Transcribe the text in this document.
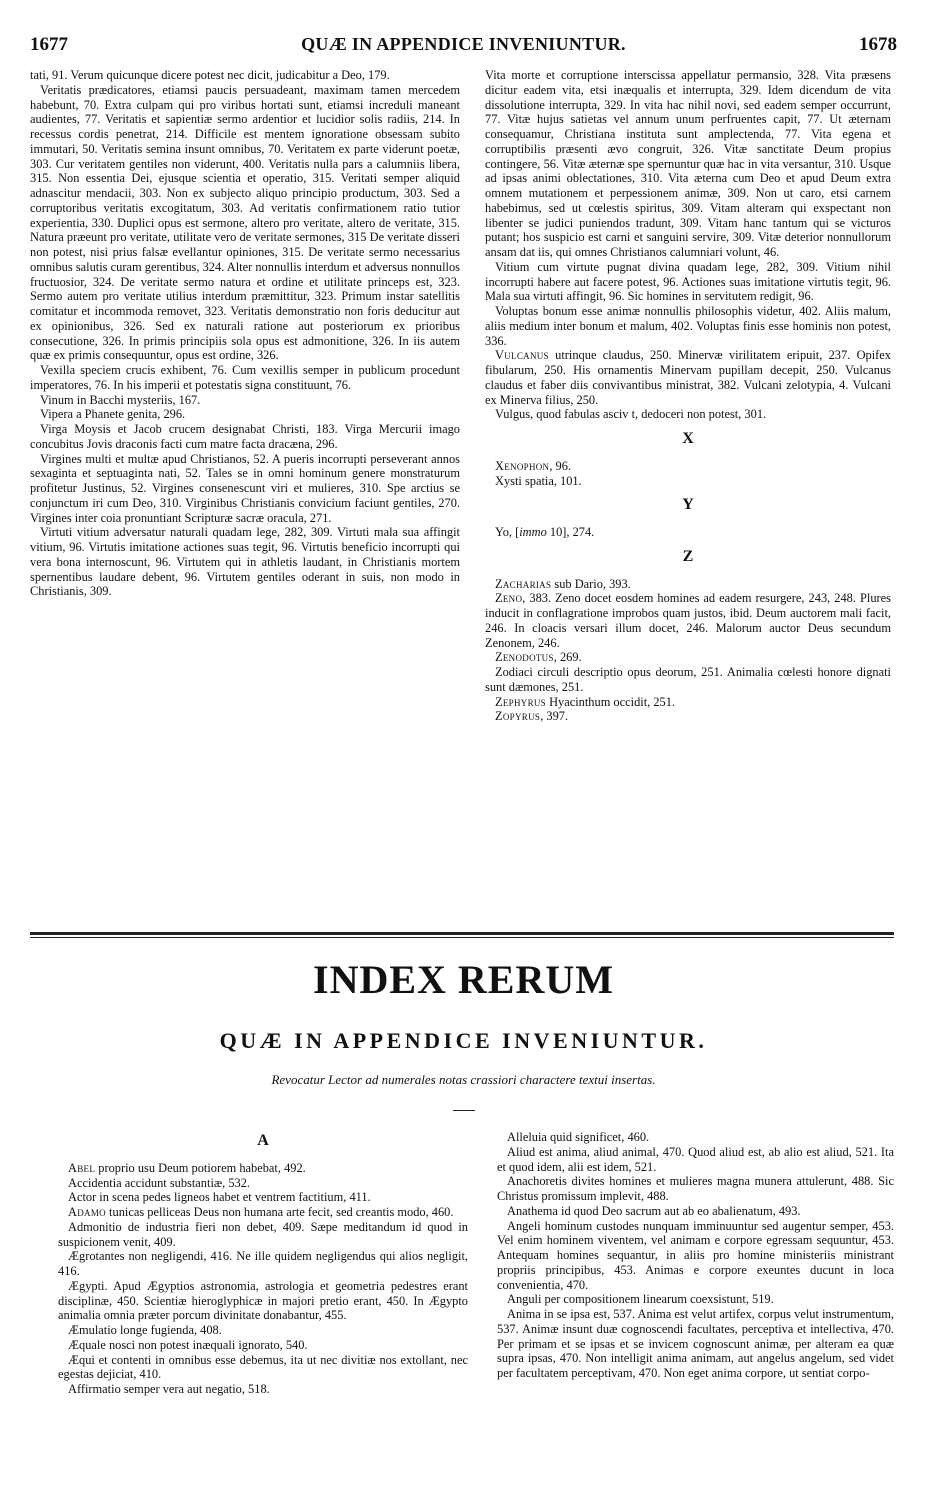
1677	QUÆ IN APPENDICE INVENIUNTUR.	1678

tati, 91. Verum quicunque dicere potest nec dicit, judicabitur a Deo, 179.

Veritatis prædicatores, etiamsi paucis persuadeant, maximam tamen mercedem habebunt, 70. Extra culpam qui pro viribus hortati sunt, etiamsi increduli maneant audientes, 77. Veritatis et sapientiæ sermo ardentior et lucidior solis radiis, 214. In recessus cordis penetrat, 214. Difficile est mentem ignoratione obsessam subito immutari, 50. Veritatis semina insunt omnibus, 70. Veritatem ex parte viderunt poetæ, 303. Cur veritatem gentiles non viderunt, 400. Veritatis nulla pars a calumniis libera, 315. Non essentia Dei, ejusque scientia et operatio, 315. Veritati semper aliquid adnascitur mendacii, 303. Non ex subjecto aliquo principio productum, 303. Sed a corruptoribus veritatis excogitatum, 303. Ad veritatis confirmationem ratio tutior experientia, 330. Duplici opus est sermone, altero pro veritate, altero de veritate, 315. Natura præeunt pro veritate, utilitate vero de veritate sermones, 315 De veritate disseri non potest, nisi prius falsæ evellantur opiniones, 315. De veritate sermo necessarius omnibus salutis curam gerentibus, 324. Alter nonnullis interdum et adversus nonnullos fructuosior, 324. De veritate sermo natura et ordine et utilitate princeps est, 323. Sermo autem pro veritate utilius interdum præmittitur, 323. Primum instar satellitis comitatur et incommoda removet, 323. Veritatis demonstratio non foris deducitur aut ex opinionibus, 326. Sed ex naturali ratione aut posteriorum ex prioribus consecutione, 326. In primis principiis sola opus est admonitione, 326. In iis autem quæ ex primis consequuntur, opus est ordine, 326.

Vexilla speciem crucis exhibent, 76. Cum vexillis semper in publicum procedunt imperatores, 76. In his imperii et potestatis signa constituunt, 76.

Vinum in Bacchi mysteriis, 167.

Vipera a Phanete genita, 296.

Virga Moysis et Jacob crucem designabat Christi, 183. Virga Mercurii imago concubitus Jovis draconis facti cum matre facta dracæna, 296.

Virgines multi et multæ apud Christianos, 52. A pueris incorrupti perseverant annos sexaginta et septuaginta nati, 52. Tales se in omni hominum genere monstraturum profitetur Justinus, 52. Virgines consenescunt viri et mulieres, 310. Spe arctius se conjunctum iri cum Deo, 310. Virginibus Christianis convicium faciunt gentiles, 270. Virgines inter coia pronuntiant Scripturæ sacræ oracula, 271.

Virtuti vitium adversatur naturali quadam lege, 282, 309. Virtuti mala sua affingit vitium, 96. Virtutis imitatione actiones suas tegit, 96. Virtutis beneficio incorrupti qui vera bona internoscunt, 96. Virtutem qui in athletis laudant, in Christianis mortem spernentibus laudare debent, 96. Virtutem gentiles oderant in suis, non modo in Christianis, 309.

Vita morte et corruptione interscissa appellatur permansio, 328. Vita præsens dicitur eadem vita, etsi inæqualis et interrupta, 329. Idem dicendum de vita dissolutione interrupta, 329. In vita hac nihil novi, sed eadem semper occurrunt, 77. Vitæ hujus satietas vel annum unum perfruentes capit, 77. Ut æternam consequamur, Christiana instituta sunt amplectenda, 77. Vita egena et corruptibilis præsenti ævo congruit, 326. Vitæ sanctitate Deum propius contingere, 56. Vitæ æternæ spe spernuntur quæ hac in vita versantur, 310. Usque ad ipsas animi oblectationes, 310. Vita æterna cum Deo et apud Deum extra omnem mutationem et perpessionem animæ, 309. Non ut caro, etsi carnem habebimus, sed ut cœlestis spiritus, 309. Vitam alteram qui exspectant non libenter se judici puniendos tradunt, 309. Vitam hanc tantum qui se victuros putant; hos suspicio est carni et sanguini servire, 309. Vitæ deterior nonnullorum ansam dat iis, qui omnes Christianos calumniari volunt, 46.

Vitium cum virtute pugnat divina quadam lege, 282, 309. Vitium nihil incorrupti habere aut facere potest, 96. Actiones suas imitatione virtutis tegit, 96. Mala sua virtuti affingit, 96. Sic homines in servitutem redigit, 96.

Voluptas bonum esse animæ nonnullis philosophis videtur, 402. Aliis malum, aliis medium inter bonum et malum, 402. Voluptas finis esse hominis non potest, 336.

Vulcanus utrinque claudus, 250. Minervæ virilitatem eripuit, 237. Opifex fibularum, 250. His ornamentis Minervam pupillam decepit, 250. Vulcanus claudus et faber diis convivantibus ministrat, 382. Vulcani zelotypia, 4. Vulcani ex Minerva filius, 250.

Vulgus, quod fabulas asciv t, dedoceri non potest, 301.

X

Xenophon, 96.

Xysti spatia, 101.

Y

Yo, [immo 10], 274.

Z

Zacharias sub Dario, 393.

Zeno, 383. Zeno docet eosdem homines ad eadem resurgere, 243, 248. Plures inducit in conflagratione improbos quam justos, ibid. Deum auctorem mali facit, 246. In cloacis versari illum docet, 246. Malorum auctor Deus secundum Zenonem, 246.

Zenodotus, 269.

Zodiaci circuli descriptio opus deorum, 251. Animalia cœlesti honore dignati sunt dæmones, 251.

Zephyrus Hyacinthum occidit, 251.

Zopyrus, 397.

INDEX RERUM
QUÆ IN APPENDICE INVENIUNTUR.
Revocatur Lector ad numerales notas crassiori charactere textui insertas.
A

Abel proprio usu Deum potiorem habebat, 492.

Accidentia accidunt substantiæ, 532.

Actor in scena pedes ligneos habet et ventrem factitium, 411.

Adamo tunicas pelliceas Deus non humana arte fecit, sed creantis modo, 460.

Admonitio de industria fieri non debet, 409. Sæpe meditandum id quod in suspicionem venit, 409.

Ægrotantes non negligendi, 416. Ne ille quidem negligendus qui alios negligit, 416.

Ægypti. Apud Ægyptios astronomia, astrologia et geometria pedestres erant disciplinæ, 450. Scientiæ hieroglyphicæ in majori pretio erant, 450. In Ægypto animalia omnia præter porcum divinitate donabantur, 455.

Æmulatio longe fugienda, 408.

Æquale nosci non potest inæquali ignorato, 540.

Æqui et contenti in omnibus esse debemus, ita ut nec divitiæ nos extollant, nec egestas dejiciat, 410.

Affirmatio semper vera aut negatio, 518.

Alleluia quid significet, 460.

Aliud est anima, aliud animal, 470. Quod aliud est, ab alio est aliud, 521. Ita et quod idem, alii est idem, 521.

Anachoretis divites homines et mulieres magna munera attulerunt, 488. Sic Christus promissum implevit, 488.

Anathema id quod Deo sacrum aut ab eo abalienatum, 493.

Angeli hominum custodes nunquam imminuuntur sed augentur semper, 453. Vel enim hominem viventem, vel animam e corpore egressam sequuntur, 453. Antequam homines sequantur, in aliis pro homine ministeriis ministrant propriis principibus, 453. Animas e corpore exeuntes ducunt in loca convenientia, 470.

Anguli per compositionem linearum coexsistunt, 519.

Anima in se ipsa est, 537. Anima est velut artifex, corpus velut instrumentum, 537. Animæ insunt duæ cognoscendi facultates, perceptiva et intellectiva, 470. Per primam et se ipsas et se invicem cognoscunt animæ, per alteram ea quæ supra ipsas, 470. Non intelligit anima animam, aut angelus angelum, sed videt per facultatem perceptivam, 470. Non eget anima corpore, ut sentiat corpo-
